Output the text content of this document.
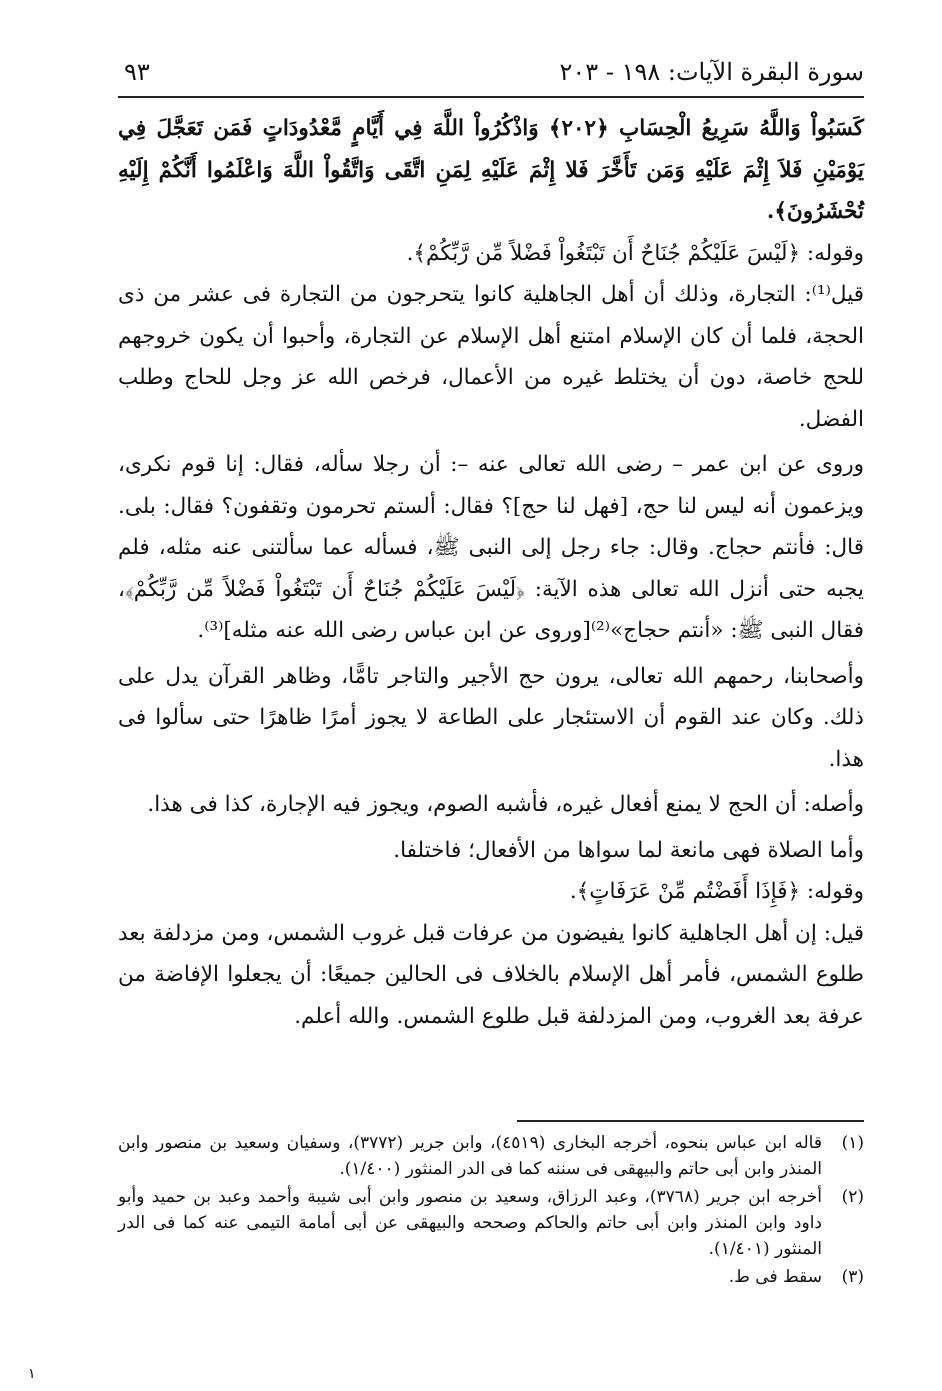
سورة البقرة الآيات: ١٩٨ - ٢٠٣
٩٣

كَسَبُواْ وَاللَّهُ سَرِيعُ الْحِسَابِ ﴿٢٠٢﴾ وَاذْكُرُواْ اللَّهَ فِي أَيَّامٍ مَّعْدُودَاتٍ فَمَن تَعَجَّلَ فِي يَوْمَيْنِ فَلاَ إِثْمَ عَلَيْهِ وَمَن تَأَخَّرَ فَلا إِثْمَ عَلَيْهِ لِمَنِ اتَّقَى وَاتَّقُواْ اللَّهَ وَاعْلَمُوا أَنَّكُمْ إِلَيْهِ تُحْشَرُونَ﴾.

وقوله: ﴿لَيْسَ عَلَيْكُمْ جُنَاحٌ أَن تَبْتَغُواْ فَضْلاً مِّن رَّبِّكُمْ﴾.

قيل⁽¹⁾: التجارة، وذلك أن أهل الجاهلية كانوا يتحرجون من التجارة فى عشر من ذى الحجة، فلما أن كان الإسلام امتنع أهل الإسلام عن التجارة، وأحبوا أن يكون خروجهم للحج خاصة، دون أن يختلط غيره من الأعمال، فرخص الله عز وجل للحاج وطلب الفضل.

وروى عن ابن عمر – رضى الله تعالى عنه –: أن رجلا سأله، فقال: إنا قوم نكرى، ويزعمون أنه ليس لنا حج، [فهل لنا حج]؟ فقال: ألستم تحرمون وتقفون؟ فقال: بلى. قال: فأنتم حجاج. وقال: جاء رجل إلى النبى ﷺ، فسأله عما سألتنى عنه مثله، فلم يجبه حتى أنزل الله تعالى هذه الآية: ﴿لَيْسَ عَلَيْكُمْ جُنَاحٌ أَن تَبْتَغُواْ فَضْلاً مِّن رَّبِّكُمْ﴾، فقال النبى ﷺ: «أنتم حجاج»⁽²⁾[وروى عن ابن عباس رضى الله عنه مثله]⁽³⁾.

وأصحابنا، رحمهم الله تعالى، يرون حج الأجير والتاجر تامًّا، وظاهر القرآن يدل على ذلك. وكان عند القوم أن الاستئجار على الطاعة لا يجوز أمرًا ظاهرًا حتى سألوا فى هذا.

وأصله: أن الحج لا يمنع أفعال غيره، فأشبه الصوم، ويجوز فيه الإجارة، كذا فى هذا.

وأما الصلاة فهى مانعة لما سواها من الأفعال؛ فاختلفا.

وقوله: ﴿فَإِذَا أَفَضْتُم مِّنْ عَرَفَاتٍ﴾.

قيل: إن أهل الجاهلية كانوا يفيضون من عرفات قبل غروب الشمس، ومن مزدلفة بعد طلوع الشمس، فأمر أهل الإسلام بالخلاف فى الحالين جميعًا: أن يجعلوا الإفاضة من عرفة بعد الغروب، ومن المزدلفة قبل طلوع الشمس. والله أعلم.

(١)
قاله ابن عباس بنحوه، أخرجه البخارى (٤٥١٩)، وابن جرير (٣٧٧٢)، وسفيان وسعيد بن منصور وابن المنذر وابن أبى حاتم والبيهقى فى سننه كما فى الدر المنثور (١/٤٠٠).
(٢)
أخرجه ابن جرير (٣٧٦٨)، وعبد الرزاق، وسعيد بن منصور وابن أبى شيبة وأحمد وعبد بن حميد وأبو داود وابن المنذر وابن أبى حاتم والحاكم وصححه والبيهقى عن أبى أمامة التيمى عنه كما فى الدر المنثور (١/٤٠١).
(٣)
سقط فى ط.
١
